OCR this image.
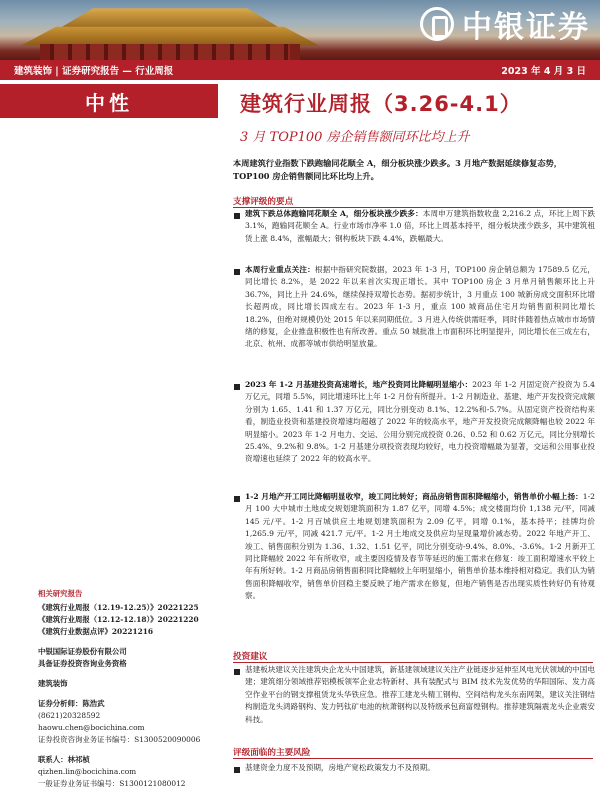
中银证券
建筑装饰 | 证券研究报告 — 行业周报	2023 年 4 月 3 日
中性	建筑行业周报（3.26-4.1）
3 月 TOP100 房企销售额同环比均上升
本周建筑行业指数下跌跑输同花顺全 A，细分板块涨少跌多。3 月地产数据延续修复态势，TOP100 房企销售额同比环比均上升。
支撑评级的要点
建筑下跌总体跑输同花顺全 A，细分板块涨少跌多：本周申万建筑指数收盘 2,216.2 点，环比上周下跌 3.1%，跑输同花顺全 A。行业市场市净率 1.0 倍，环比上周基本持平，细分板块涨少跌多，其中建筑租赁上涨 8.4%，涨幅最大；钢构板块下跌 4.4%，跌幅最大。
本周行业重点关注：根据中指研究院数据，2023 年 1-3 月，TOP100 房企销总额为 17589.5 亿元，同比增长 8.2%，是 2022 年以来首次实现正增长。其中 TOP100 房企 3 月单月销售额环比上升 36.7%，同比上升 24.6%，继续保持双增长态势。据初步统计，3 月重点 100 城新房成交面积环比增长超两成，同比增长四成左右。2023 年 1-3 月，重点 100 城商品住宅月均销售面积同比增长 18.2%，但绝对规模仍处 2015 年以来同期低位。3 月进入传统供需旺季，同时伴随着热点城市市场情绪的修复，企业推盘积极性也有所改善。重点 50 城批准上市面积环比明显提升，同比增长在三成左右，北京、杭州、成都等城市供给明显放量。
2023 年 1-2 月基建投资高速增长，地产投资同比降幅明显缩小：2023 年 1-2 月固定资产投资为 5.4 万亿元，同增 5.5%，同比增速环比上年 1-2 月份有所提升。1-2 月制造业、基建、地产开发投资完成额分别为 1.65、1.41 和 1.37 万亿元，同比分别变动 8.1%、12.2%和-5.7%。从固定资产投资结构来看，制造业投资和基建投资增速均超越了 2022 年的较高水平，地产开发投资完成额降幅也较 2022 年明显缩小。2023 年 1-2 月电力、交运、公用分别完成投资 0.26、0.52 和 0.62 万亿元，同比分别增长 25.4%、9.2%和 9.8%。1-2 月基建分项投资表现均较好，电力投资增幅最为显著，交运和公用事业投资增速也延续了 2022 年的较高水平。
1-2 月地产开工同比降幅明显收窄，竣工同比转好；商品房销售面积降幅缩小，销售单价小幅上扬：1-2 月 100 大中城市土地成交规划建筑面积为 1.87 亿平，同增 4.5%；成交楼面均价 1,138 元/平，同减 145 元/平。1-2 月百城供应土地规划建筑面积为 2.09 亿平，同增 0.1%，基本持平；挂牌均价 1,265.9 元/平，同减 421.7 元/平。1-2 月土地成交及供应均呈现量增价减态势。2022 年地产开工、竣工、销售面积分别为 1.36、1.32、1.51 亿平，同比分别变动-9.4%、8.0%、-3.6%。1-2 月新开工同比降幅较 2022 年有所收窄，或主要因疫情及春节等延迟的施工需求在修复：竣工面积增速水平较上年有所好转。1-2 月商品房销售面积同比降幅较上年明显缩小，销售单价基本维持相对稳定。我们认为销售面积降幅收窄，销售单价回稳主要反映了地产需求在修复，但地产销售是否出现实质性转好仍有待观察。
投资建议
基建板块建议关注建筑央企龙头中国建筑，新基建领域建议关注产业链逐步延伸至风电光伏领域的中国电建；建筑细分领域推荐铝模板领军企业志特新材、具有装配式与 BIM 技术先发优势的华阳国际、发力高空作业平台的钢支撑租赁龙头华铁应急。推荐工建龙头精工钢构、空间结构龙头东南网架，建议关注钢结构制造龙头鸿路钢构、发力钙钛矿电池的杭萧钢构以及特级承包商富煌钢构。推荐建筑隔震龙头企业震安科技。
评级面临的主要风险
基建资金力度不及预期，房地产宽松政策发力不及预期。
相关研究报告
《建筑行业周报（12.19-12.25）》20221225
《建筑行业周报（12.12-12.18）》20221220
《建筑行业数据点评》20221216
中银国际证券股份有限公司
具备证券投资咨询业务资格
建筑装饰
证券分析师：陈浩武
(8621)20328592
haowu.chen@bocichina.com
证券投资咨询业务证书编号：S1300520090006
联系人：林祁桢
qizhen.lin@bocichina.com
一般证券业务证书编号：S1300121080012
